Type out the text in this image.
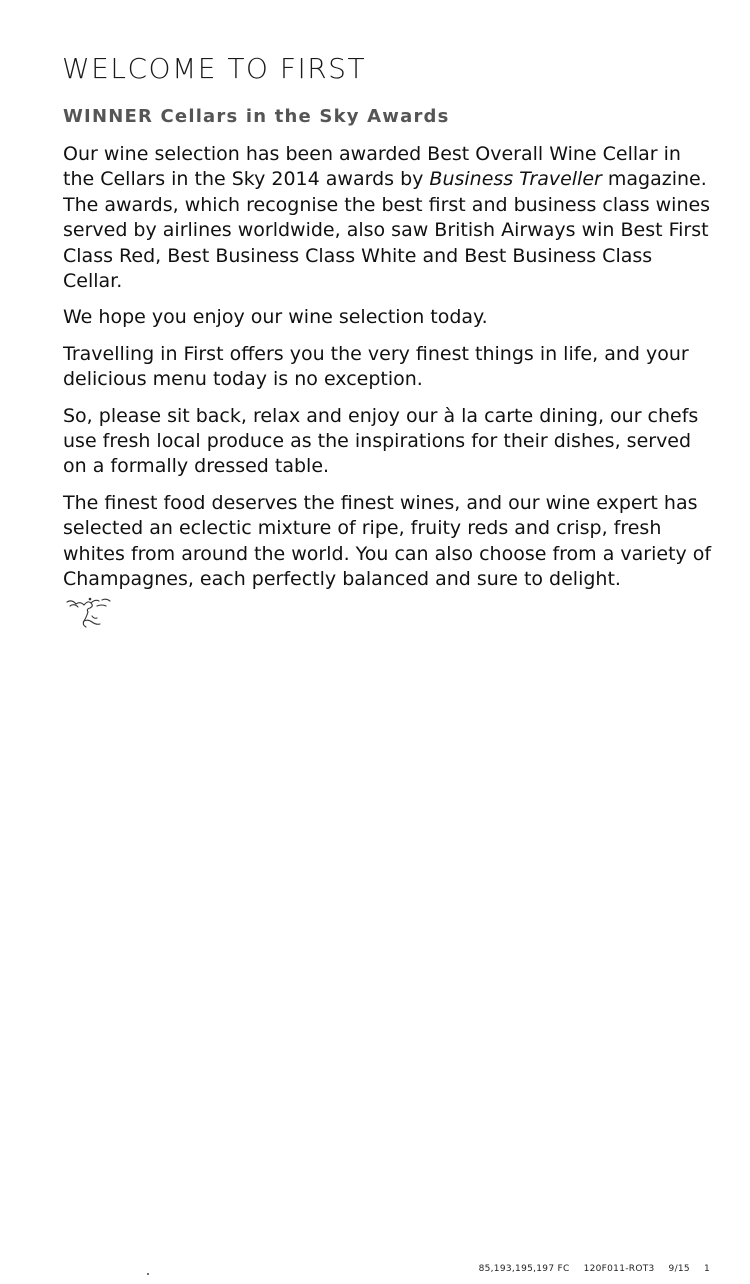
WELCOME TO FIRST
WINNER Cellars in the Sky Awards

Our wine selection has been awarded Best Overall Wine Cellar in the Cellars in the Sky 2014 awards by Business Traveller magazine. The awards, which recognise the best first and business class wines served by airlines worldwide, also saw British Airways win Best First Class Red, Best Business Class White and Best Business Class Cellar.

We hope you enjoy our wine selection today.

Travelling in First offers you the very finest things in life, and your delicious menu today is no exception.

So, please sit back, relax and enjoy our à la carte dining, our chefs use fresh local produce as the inspirations for their dishes, served on a formally dressed table.

The finest food deserves the finest wines, and our wine expert has selected an eclectic mixture of ripe, fruity reds and crisp, fresh whites from around the world. You can also choose from a variety of Champagnes, each perfectly balanced and sure to delight.

85,193,195,197 FC 120F011-ROT3 9/15 1
